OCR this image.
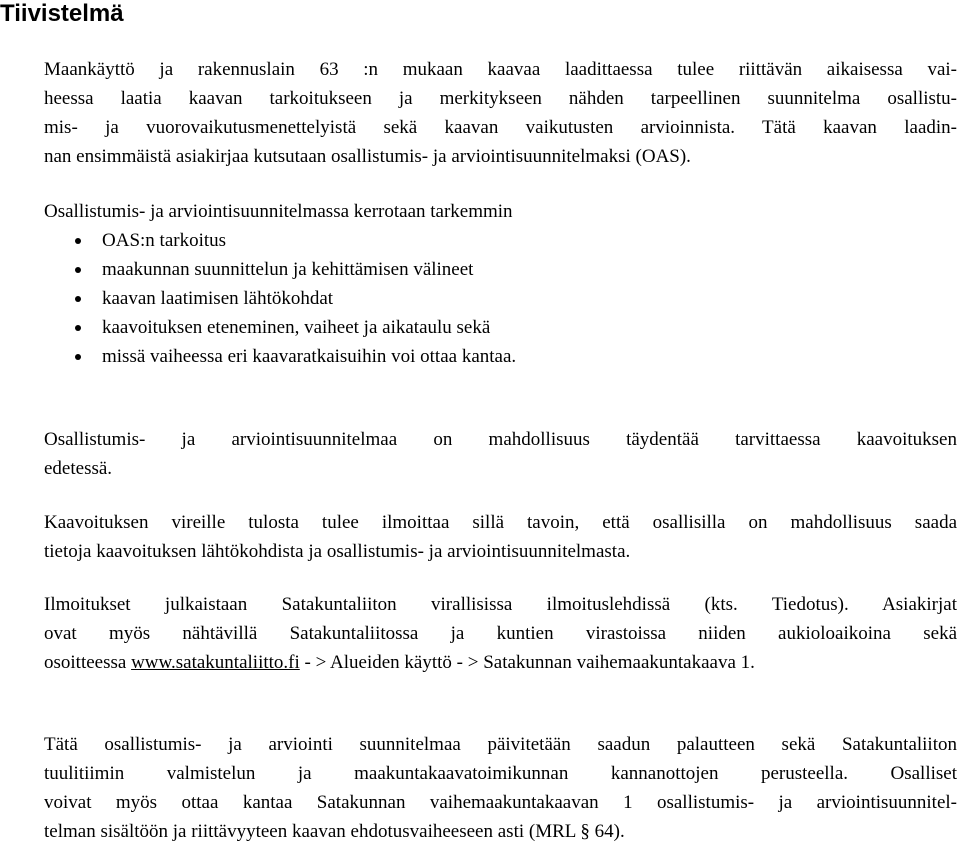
Tiivistelmä
Maankäyttö ja rakennuslain 63 :n mukaan kaavaa laadittaessa tulee riittävän aikaisessa vai-
heessa laatia kaavan tarkoitukseen ja merkitykseen nähden tarpeellinen suunnitelma osallistu-
mis- ja vuorovaikutusmenettelyistä sekä kaavan vaikutusten arvioinnista. Tätä kaavan laadin-
nan ensimmäistä asiakirjaa kutsutaan osallistumis- ja arviointisuunnitelmaksi (OAS).
Osallistumis- ja arviointisuunnitelmassa kerrotaan tarkemmin
OAS:n tarkoitus
maakunnan suunnittelun ja kehittämisen välineet
kaavan laatimisen lähtökohdat
kaavoituksen eteneminen, vaiheet ja aikataulu sekä
missä vaiheessa eri kaavaratkaisuihin voi ottaa kantaa.
Osallistumis- ja arviointisuunnitelmaa on mahdollisuus täydentää tarvittaessa kaavoituksen
edetessä.
Kaavoituksen vireille tulosta tulee ilmoittaa sillä tavoin, että osallisilla on mahdollisuus saada
tietoja kaavoituksen lähtökohdista ja osallistumis- ja arviointisuunnitelmasta.
Ilmoitukset julkaistaan Satakuntaliiton virallisissa ilmoituslehdissä (kts. Tiedotus). Asiakirjat
ovat myös nähtävillä Satakuntaliitossa ja kuntien virastoissa niiden aukioloaikoina sekä
osoitteessa www.satakuntaliitto.fi - > Alueiden käyttö - > Satakunnan vaihemaakuntakaava 1.
Tätä osallistumis- ja arviointi suunnitelmaa päivitetään saadun palautteen sekä Satakuntaliiton
tuulitiimin valmistelun ja maakuntakaavatoimikunnan kannanottojen perusteella. Osalliset
voivat myös ottaa kantaa Satakunnan vaihemaakuntakaavan 1 osallistumis- ja arviointisuunnitel-
telman sisältöön ja riittävyyteen kaavan ehdotusvaiheeseen asti (MRL § 64).
